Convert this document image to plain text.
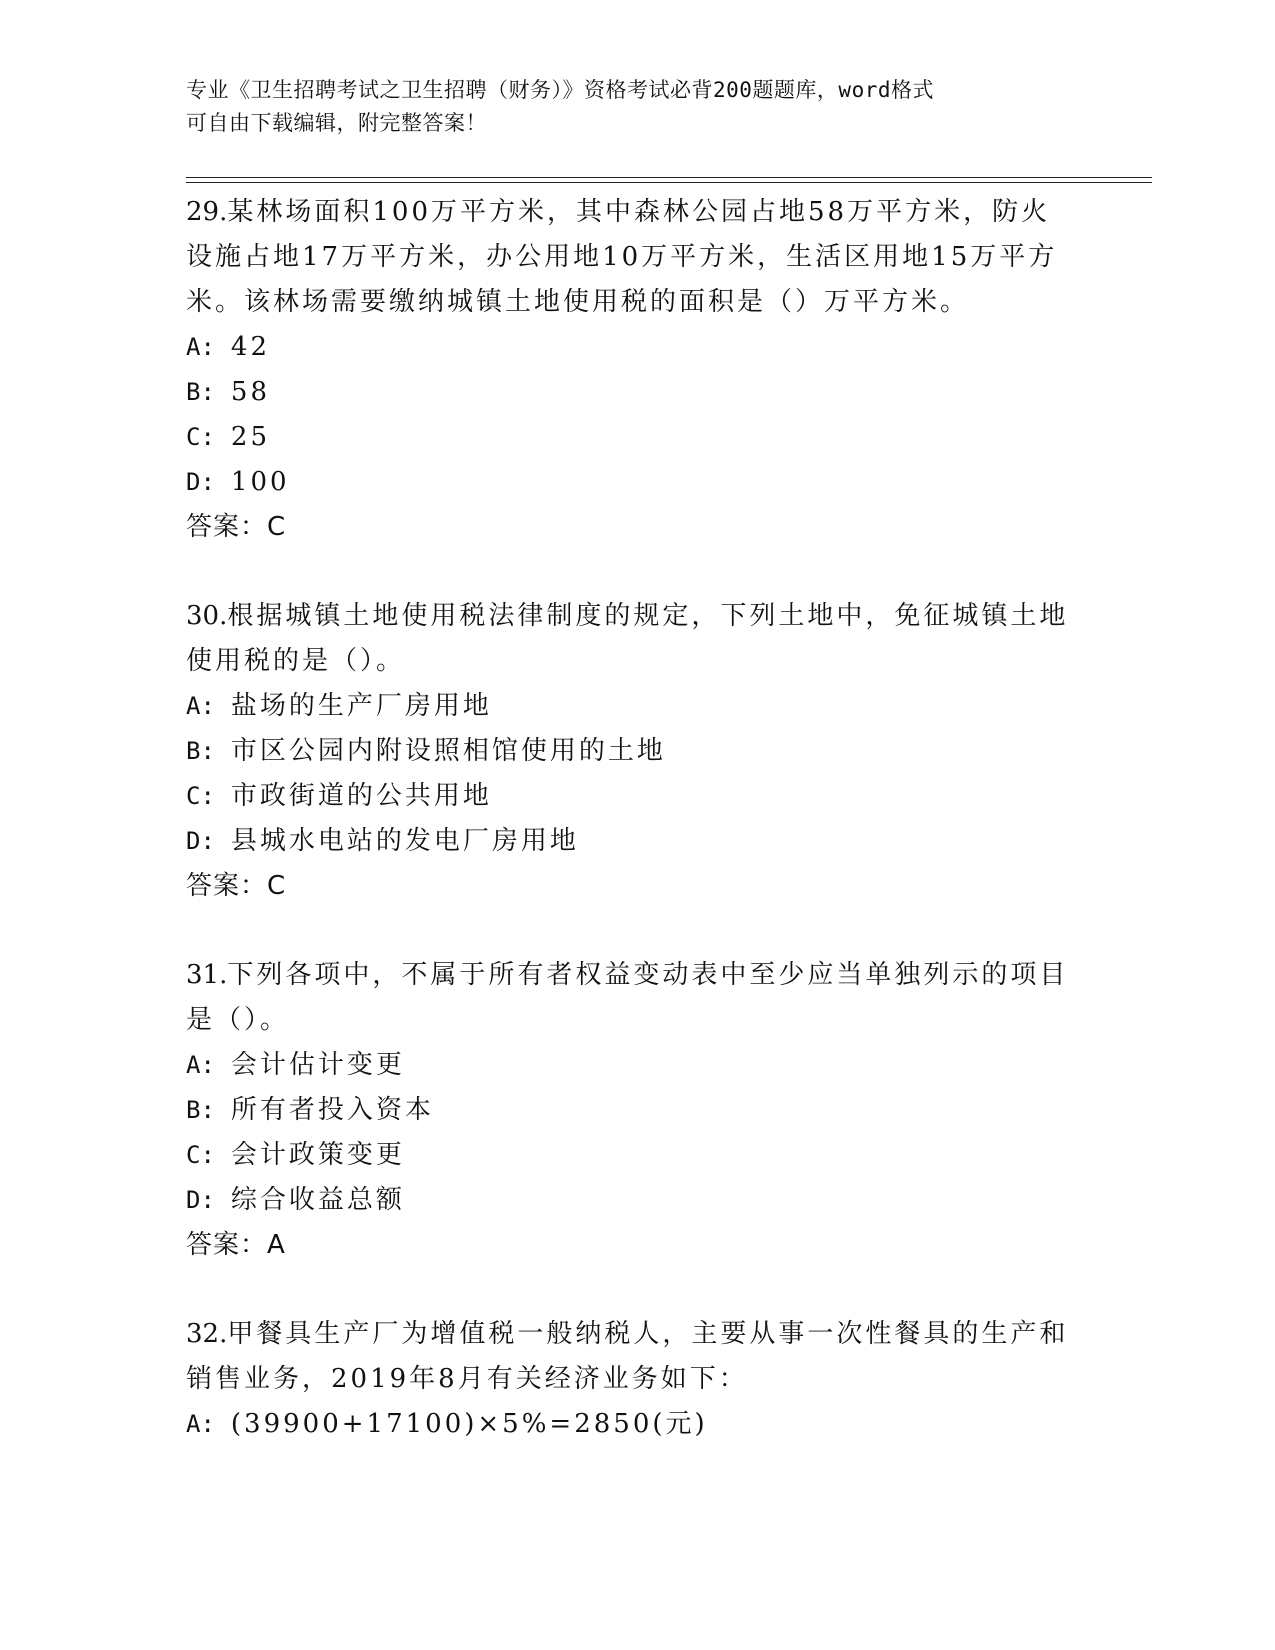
专业《卫生招聘考试之卫生招聘（财务）》资格考试必背200题题库，word格式
可自由下载编辑，附完整答案！
29.某林场面积100万平方米，其中森林公园占地58万平方米，防火
设施占地17万平方米，办公用地10万平方米，生活区用地15万平方
米。该林场需要缴纳城镇土地使用税的面积是（）万平方米。
A: 42
B: 58
C: 25
D: 100
答案：C
30.根据城镇土地使用税法律制度的规定，下列土地中，免征城镇土地
使用税的是（）。
A: 盐场的生产厂房用地
B: 市区公园内附设照相馆使用的土地
C: 市政街道的公共用地
D: 县城水电站的发电厂房用地
答案：C
31.下列各项中，不属于所有者权益变动表中至少应当单独列示的项目
是（）。
A: 会计估计变更
B: 所有者投入资本
C: 会计政策变更
D: 综合收益总额
答案：A
32.甲餐具生产厂为增值税一般纳税人，主要从事一次性餐具的生产和
销售业务，2019年8月有关经济业务如下：
A: (39900+17100)×5%=2850(元)
